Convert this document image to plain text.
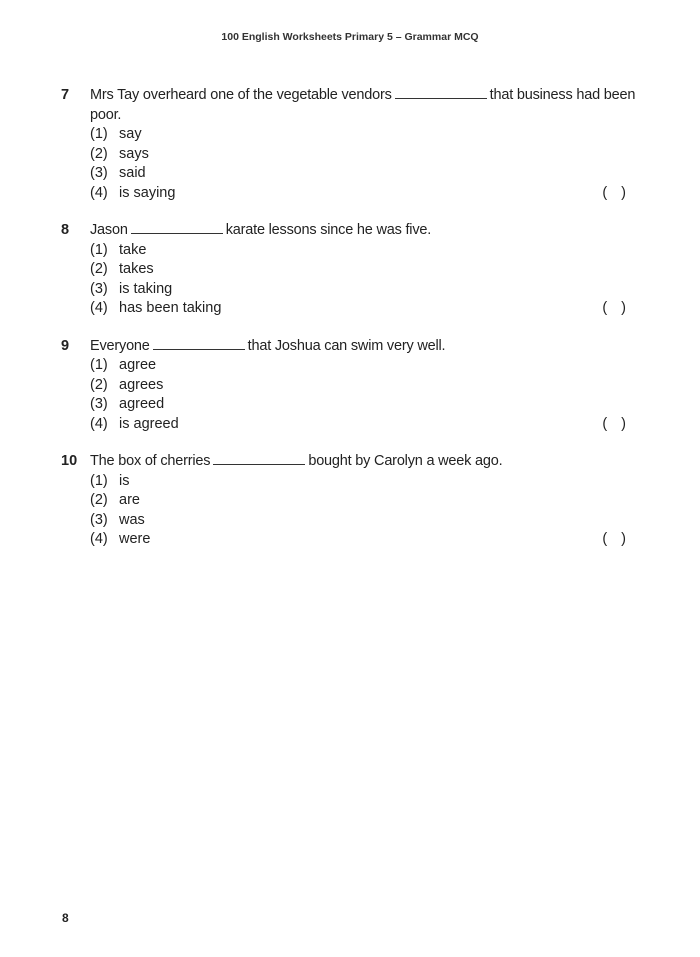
100 English Worksheets Primary 5 – Grammar MCQ
7	Mrs Tay overheard one of the vegetable vendors	that business had been poor.
(1) say
(2) says
(3) said
(4) is saying	( )
8	Jason	karate lessons since he was five.
(1) take
(2) takes
(3) is taking
(4) has been taking	( )
9	Everyone	that Joshua can swim very well.
(1) agree
(2) agrees
(3) agreed
(4) is agreed	( )
10 The box of cherries	bought by Carolyn a week ago.
(1) is
(2) are
(3) was
(4) were	( )
8
